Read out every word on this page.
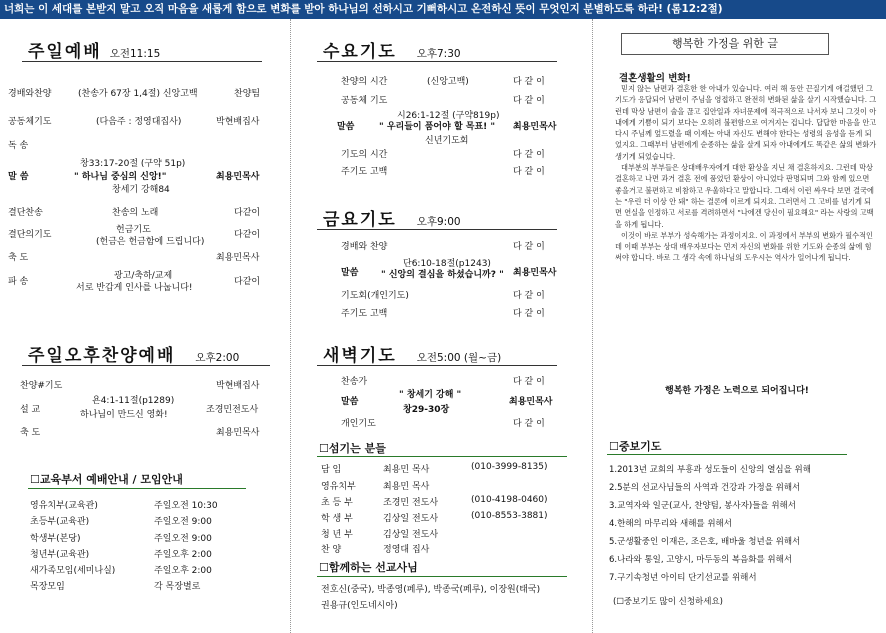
너희는 이 세대를 본받지 말고 오직 마음을 새롭게 함으로 변화를 받아 하나님의 선하시고 기뻐하시고 온전하신 뜻이 무엇인지 분별하도록 하라! (롬12:2절)
주일예배 오전11:15
경배와찬양	(찬송가 67장 1,4절) 신앙고백	찬양팀
공동체기도	(다음주 : 정영대집사)	박현배집사
독 송
창33:17-20절 (구약 51p)
말 씀	" 하나님 중심의 신앙!"	최용민목사
창세기 강해84
결단찬송	찬송의 노래	다같이
헌금기도
결단의기도	다같이
(헌금은 헌금함에 드립니다)
축 도	최용민목사
광고/축하/교제
파 송	다같이
서로 반갑게 인사를 나눕니다!
주일오후찬양예배 오후2:00
찬양#기도	박현배집사
욘4:1-11절(p1289)
설 교	조경민전도사
하나님이 만드신 영화!
축 도	최용민목사
☐교육부서 예배안내 / 모임안내
영유치부(교육관)	주일오전 10:30
초등부(교육관)	주일오전 9:00
학생부(본당)	주일오전 9:00
청년부(교육관)	주일오후 2:00
새가족모임(세미나실)	주일오후 2:00
목장모임	각 목장별로
수요기도 오후7:30
찬양의 시간	(신앙고백)	다 같 이
공동체 기도	다 같 이
시26:1-12절 (구약819p)
말씀	" 우리들이 품어야 할 목표! " 최용민목사
신년기도회
기도의 시간	다 같 이
주기도 고백	다 같 이
금요기도 오후9:00
경배와 찬양	다 같 이
단6:10-18절(p1243)
말씀	" 신앙의 결심을 하셨습니까? " 최용민목사
기도회(개인기도)	다 같 이
주기도 고백	다 같 이
새벽기도 오전5:00 (월~금)
찬송가	다 같 이
" 창세기 강해 "
말씀	최용민목사
창29-30장
개인기도	다 같 이
☐섬기는 분들
담 임	최용민 목사	(010-3999-8135)
영유치부	최용민 목사
초 등 부	조경민 전도사	(010-4198-0460)
학 생 부	김상일 전도사	(010-8553-3881)
청 년 부	김상일 전도사
찬 양	정영대 집사
☐함께하는 선교사님
전호신(중국), 박종영(페루), 박종국(페루), 이장원(태국)
권용규(인도네시아)
행복한 가정을 위한 글
결혼생활의 변화!

믿지 않는 남편과 결혼한 한 아내가 있습니다. 여러 해 동안 끈질기게 애걸했던 그 기도가 응답되어 남편이 주님을 영접하고 완전히 변화된 삶을 살기 시작했습니다. 그런데 막상 남편이 술을 끊고 집안일과 자녀문제에 적극적으로 나서자 보니 그것이 아내에게 기쁨이 되기 보다는 오히려 불편함으로 여겨지는 겁니다. 답답한 마음을 안고 다시 주님께 엎드렸을 때 이제는 아내 자신도 변해야 한다는 성령의 음성을 듣게 되었지요. 그때부터 남편에게 순종하는 삶을 살게 되자 아내에게도 똑같은 삶의 변화가 생기게 되었습니다.

대부분의 부부들은 상대배우자에게 대한 환상을 지닌 채 결혼하지요. 그런데 막상 결혼하고 나면 과거 결혼 전에 품었던 환상이 아니었다 판명되며 그와 함께 있으면 좋을거고 불편하고 비참하고 우울하다고 말합니다. 그래서 이런 싸우다 보면 결국에는 "우린 더 이상 안 돼" 하는 결론에 이르게 되지요. 그러면서 그 고비를 넘기게 되면 연실을 인정하고 서로를 격려하면서 "나에겐 당신이 필요해요" 라는 사랑의 고백을 하게 됩니다.

이것이 바로 부부가 성숙해가는 과정이지요. 이 과정에서 부부의 변화가 필수적인데 이때 부부는 상대 배우자보다는 먼저 자신의 변화를 위한 기도와 순종의 삶에 힘써야 합니다. 바로 그 생각 속에 하나님의 도우시는 역사가 일어나게 됩니다.

행복한 가정은 노력으로 되어집니다!
☐중보기도
1.2013년 교회의 부흥과 성도들이 신앙의 열심을 위해
2.5분의 선교사님들의 사역과 건강과 가정을 위해서
3.교역자와 일군(교사, 찬양팀, 봉사자)들을 위해서
4.한해의 마무리와 새해를 위해서
5.군생활중인 이재은, 조은호, 배바울 청년을 위해서
6.나라와 통일, 고양시, 마두동의 복음화를 위해서
7.구기속청년 아이티 단기선교를 위해서
(☐중보기도 많이 신청하세요)
